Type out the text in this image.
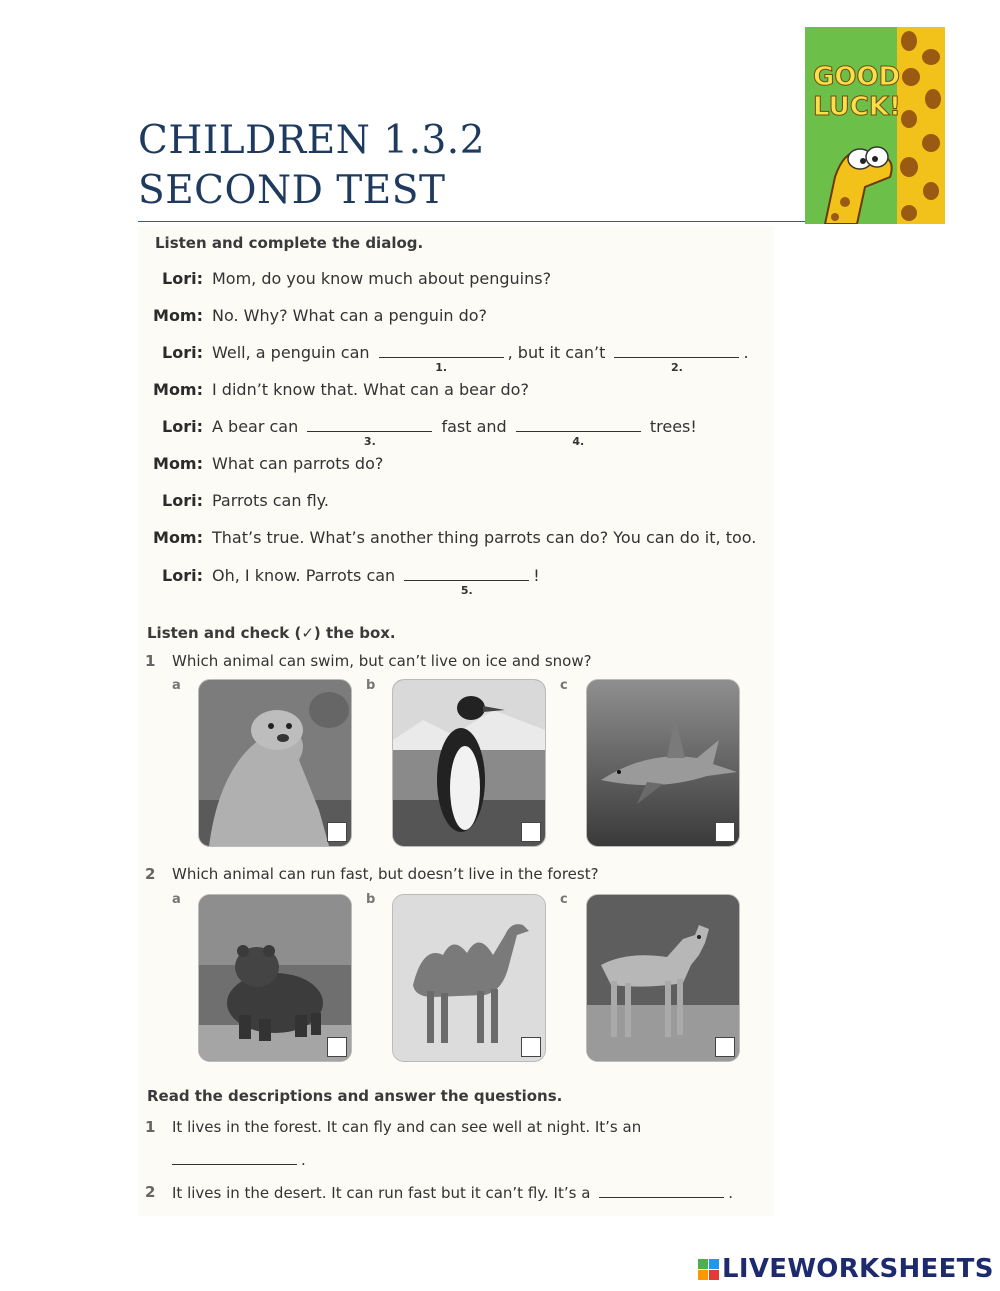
CHILDREN 1.3.2
SECOND TEST
GOOD
LUCK!
Listen and complete the dialog.
Lori: Mom, do you know much about penguins?
Mom: No. Why? What can a penguin do?
Lori: Well, a penguin can
1.
, but it can’t
2.
.
Mom: I didn’t know that. What can a bear do?
Lori: A bear can
3.
fast and
4.
trees!
Mom: What can parrots do?
Lori: Parrots can fly.
Mom: That’s true. What’s another thing parrots can do? You can do it, too.
Lori: Oh, I know. Parrots can
5.
!
Listen and check (✓) the box.
1 Which animal can swim, but can’t live on ice and snow?
a	b	c
2 Which animal can run fast, but doesn’t live in the forest?
a	b	c
Read the descriptions and answer the questions.
1 It lives in the forest. It can fly and can see well at night. It’s an
.
2 It lives in the desert. It can run fast but it can’t fly. It’s a	.
LIVEWORKSHEETS
